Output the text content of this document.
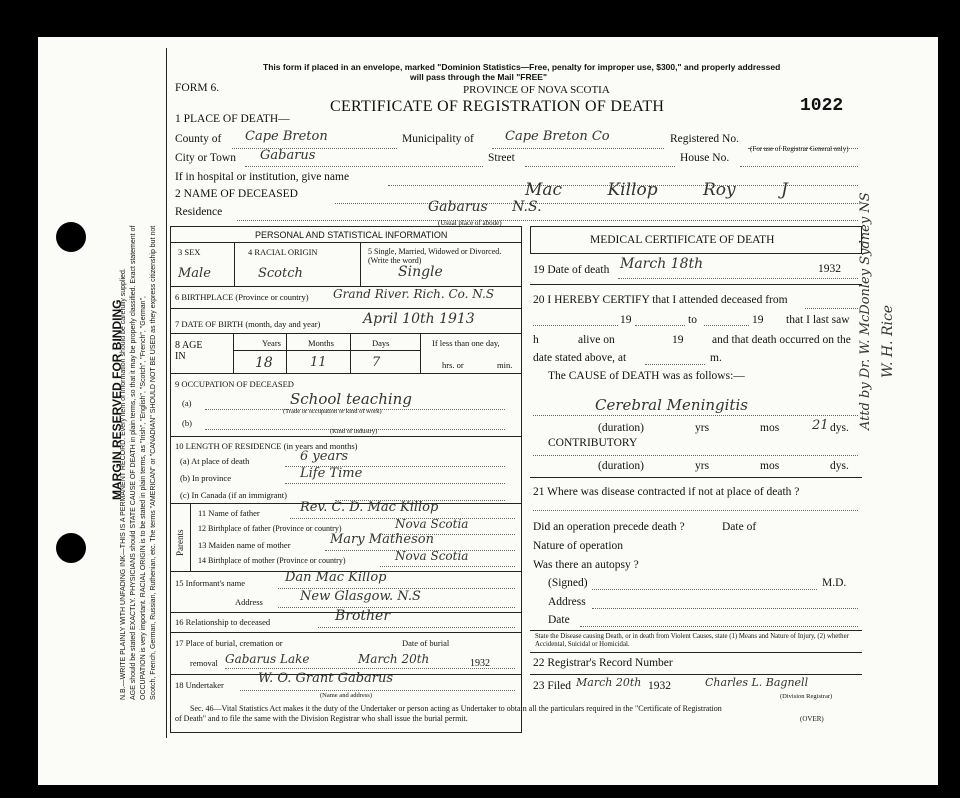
MARGIN RESERVED FOR BINDING
N.B.—WRITE PLAINLY WITH UNFADING INK—THIS IS A PERMANENT RECORD. Every item of information should be carefully supplied. AGE should be stated EXACTLY. PHYSICIANS should STATE CAUSE OF DEATH in plain terms, so that it may be properly classified. Exact statement of OCCUPATION is very important. RACIAL ORIGIN is to be stated in plain terms, as "Irish", "English", "Scotch", "French", "German", Scotch, French, German, Russian, Ruthenian, etc. The terms "AMERICAN" or "CANADIAN" SHOULD NOT BE USED as they express citizenship but not
This form if placed in an envelope, marked "Dominion Statistics—Free, penalty for improper use, $300," and properly addressed
will pass through the Mail "FREE"
PROVINCE OF NOVA SCOTIA
FORM 6.
CERTIFICATE OF REGISTRATION OF DEATH	1022
1 PLACE OF DEATH—
County of Cape Breton	Municipality of Cape Breton Co	Registered No.
(For use of Registrar General only)
City or Town Gabarus	Street	House No.
If in hospital or institution, give name
2 NAME OF DECEASED	Mac Killop Roy J
Residence	Gabarus N.S.
(Usual place of abode)
PERSONAL AND STATISTICAL INFORMATION
3 SEX	4 RACIAL ORIGIN	5 Single, Married, Widowed or Divorced. (Write the word)
Male	Scotch	Single
6 BIRTHPLACE (Province or country) Grand River. Rich. Co. N.S
7 DATE OF BIRTH (month, day and year)	April 10th 1913
8 AGE IN
Years	Months	Days	If less than one day,
18	11	7	hrs. or	min.
9 OCCUPATION OF DECEASED
(a)	School teaching
(Trade or occupation or kind of work)
(b)
(Kind of industry)
10 LENGTH OF RESIDENCE (in years and months)
(a) At place of death	6 years
(b) In province	Life Time
(c) In Canada (if an immigrant)
Parents
11 Name of father	Rev. C. D. Mac Killop
12 Birthplace of father (Province or country)	Nova Scotia
13 Maiden name of mother	Mary Matheson
14 Birthplace of mother (Province or country)	Nova Scotia
15 Informant's name	Dan Mac Killop
Address	New Glasgow. N.S
16 Relationship to deceased	Brother
17 Place of burial, cremation or	Date of burial
removal Gabarus Lake	March 20th	1932
18 Undertaker	W. O. Grant Gabarus
(Name and address)
MEDICAL CERTIFICATE OF DEATH
19 Date of death March 18th	1932
20 I HEREBY CERTIFY that I attended deceased from
19	to	19 that I last saw
h	alive on	19 and that death occurred on the
date stated above, at	m.
The CAUSE of DEATH was as follows:—
Cerebral Meningitis
(duration)	yrs	mos	21 dys.
CONTRIBUTORY
(duration)	yrs	mos	dys.
21 Where was disease contracted if not at place of death ?
Did an operation precede death ?	Date of
Nature of operation
Was there an autopsy ?
(Signed)	M.D.
Address
Date
State the Disease causing Death, or in death from Violent Causes, state (1) Means and Nature of Injury, (2) whether Accidental, Suicidal or Homicidal.
22 Registrar's Record Number
23 Filed March 20th 1932	Charles L. Bagnell
(Division Registrar)
Sec. 46—Vital Statistics Act makes it the duty of the Undertaker or person acting as Undertaker to obtain all the particulars required in the "Certificate of Registration
of Death" and to file the same with the Division Registrar who shall issue the burial permit.	(OVER)
Attd by Dr. W. McDonley Sydney NS W. H. Rice
